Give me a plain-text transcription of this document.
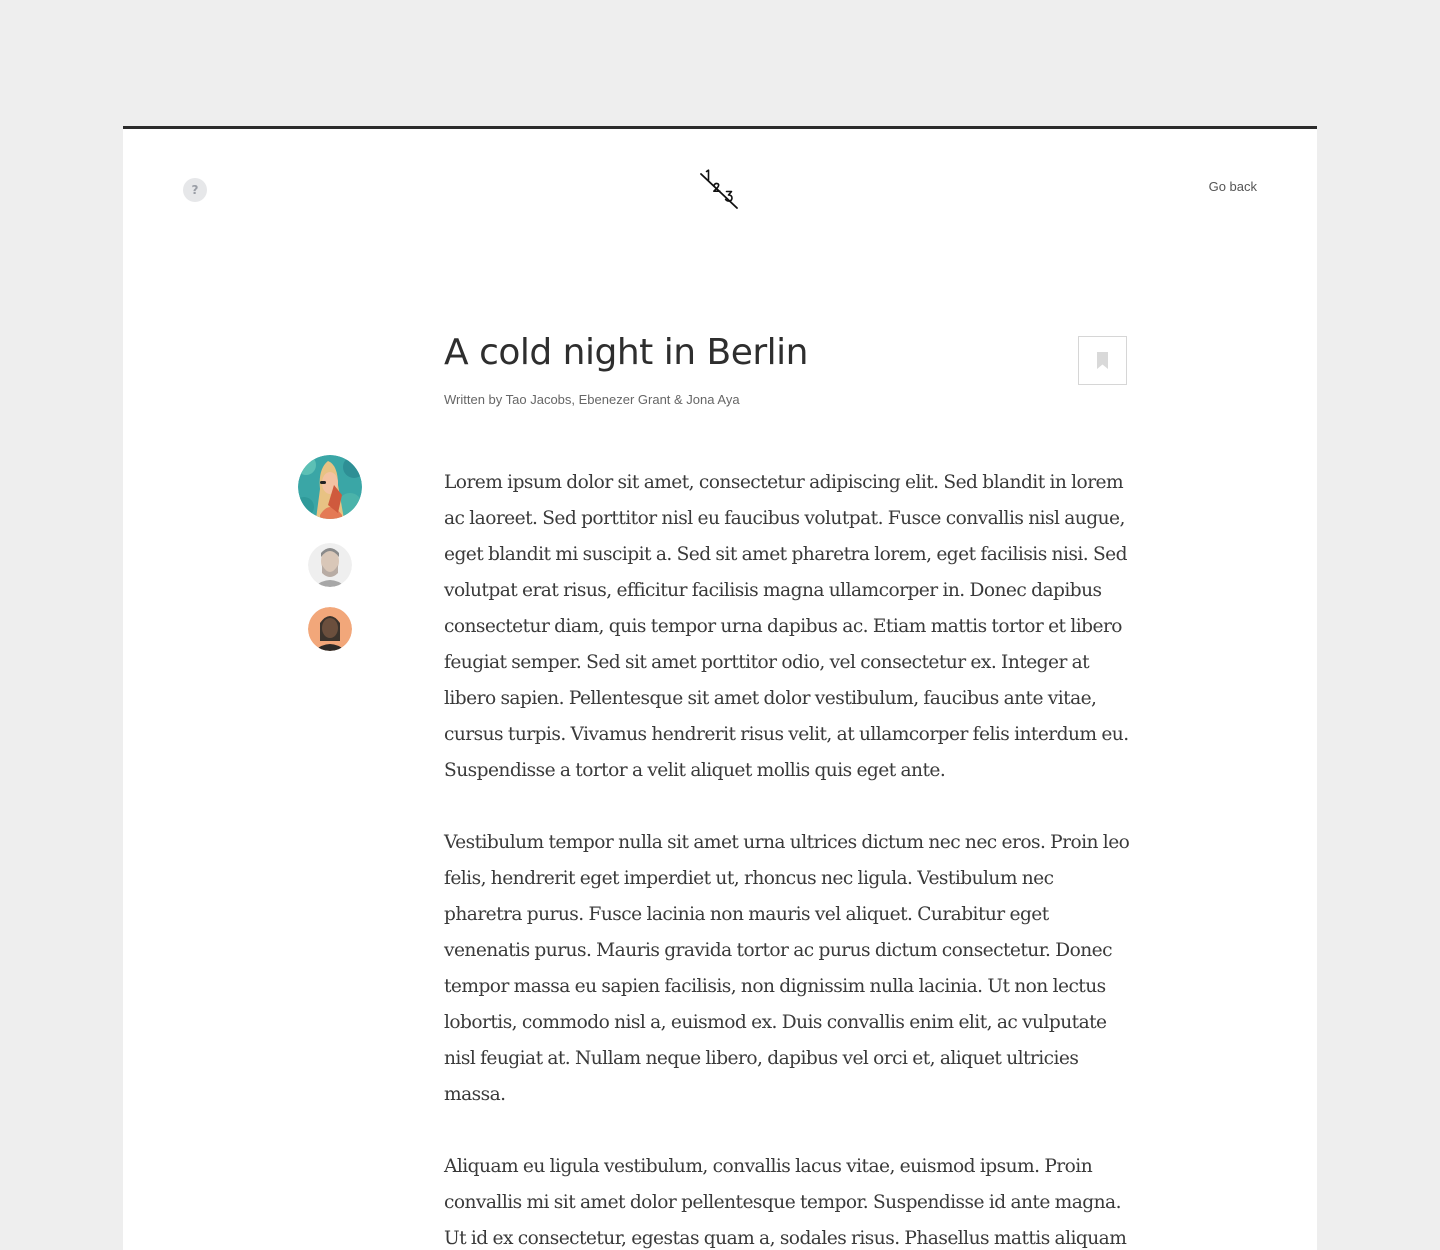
?	Go back
A cold night in Berlin
Written by Tao Jacobs, Ebenezer Grant & Jona Aya

Lorem ipsum dolor sit amet, consectetur adipiscing elit. Sed blandit in lorem ac laoreet. Sed porttitor nisl eu faucibus volutpat. Fusce convallis nisl augue, eget blandit mi suscipit a. Sed sit amet pharetra lorem, eget facilisis nisi. Sed volutpat erat risus, efficitur facilisis magna ullamcorper in. Donec dapibus consectetur diam, quis tempor urna dapibus ac. Etiam mattis tortor et libero feugiat semper. Sed sit amet porttitor odio, vel consectetur ex. Integer at libero sapien. Pellentesque sit amet dolor vestibulum, faucibus ante vitae, cursus turpis. Vivamus hendrerit risus velit, at ullamcorper felis interdum eu. Suspendisse a tortor a velit aliquet mollis quis eget ante.

Vestibulum tempor nulla sit amet urna ultrices dictum nec nec eros. Proin leo felis, hendrerit eget imperdiet ut, rhoncus nec ligula. Vestibulum nec pharetra purus. Fusce lacinia non mauris vel aliquet. Curabitur eget venenatis purus. Mauris gravida tortor ac purus dictum consectetur. Donec tempor massa eu sapien facilisis, non dignissim nulla lacinia. Ut non lectus lobortis, commodo nisl a, euismod ex. Duis convallis enim elit, ac vulputate nisl feugiat at. Nullam neque libero, dapibus vel orci et, aliquet ultricies massa.

Aliquam eu ligula vestibulum, convallis lacus vitae, euismod ipsum. Proin convallis mi sit amet dolor pellentesque tempor. Suspendisse id ante magna. Ut id ex consectetur, egestas quam a, sodales risus. Phasellus mattis aliquam
